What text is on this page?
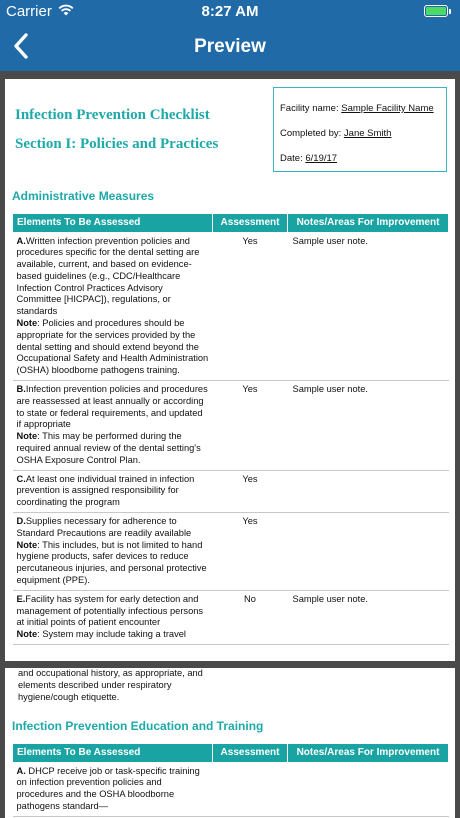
Carrier	8:27 AM
Preview
Infection Prevention Checklist
Section I: Policies and Practices
Facility name: Sample Facility Name
Completed by: Jane Smith
Date: 6/19/17
Administrative Measures
Elements To Be Assessed	Assessment	Notes/Areas For Improvement
A.Written infection prevention policies and procedures specific for the dental setting are available, current, and based on evidence-based guidelines (e.g., CDC/Healthcare Infection Control Practices Advisory Committee [HICPAC]), regulations, or standards
Note: Policies and procedures should be appropriate for the services provided by the dental setting and should extend beyond the Occupational Safety and Health Administration (OSHA) bloodborne pathogens training.	Yes	Sample user note.
B.Infection prevention policies and procedures are reassessed at least annually or according to state or federal requirements, and updated if appropriate
Note: This may be performed during the required annual review of the dental setting's OSHA Exposure Control Plan.	Yes	Sample user note.
C.At least one individual trained in infection prevention is assigned responsibility for coordinating the program	Yes	
D.Supplies necessary for adherence to Standard Precautions are readily available
Note: This includes, but is not limited to hand hygiene products, safer devices to reduce percutaneous injuries, and personal protective equipment (PPE).	Yes	
E.Facility has system for early detection and management of potentially infectious persons at initial points of patient encounter
Note: System may include taking a travel	No	Sample user note.
and occupational history, as appropriate, and elements described under respiratory hygiene/cough etiquette.
Infection Prevention Education and Training
Elements To Be Assessed	Assessment	Notes/Areas For Improvement
A. DHCP receive job or task-specific training on infection prevention policies and procedures and the OSHA bloodborne pathogens standard—		
